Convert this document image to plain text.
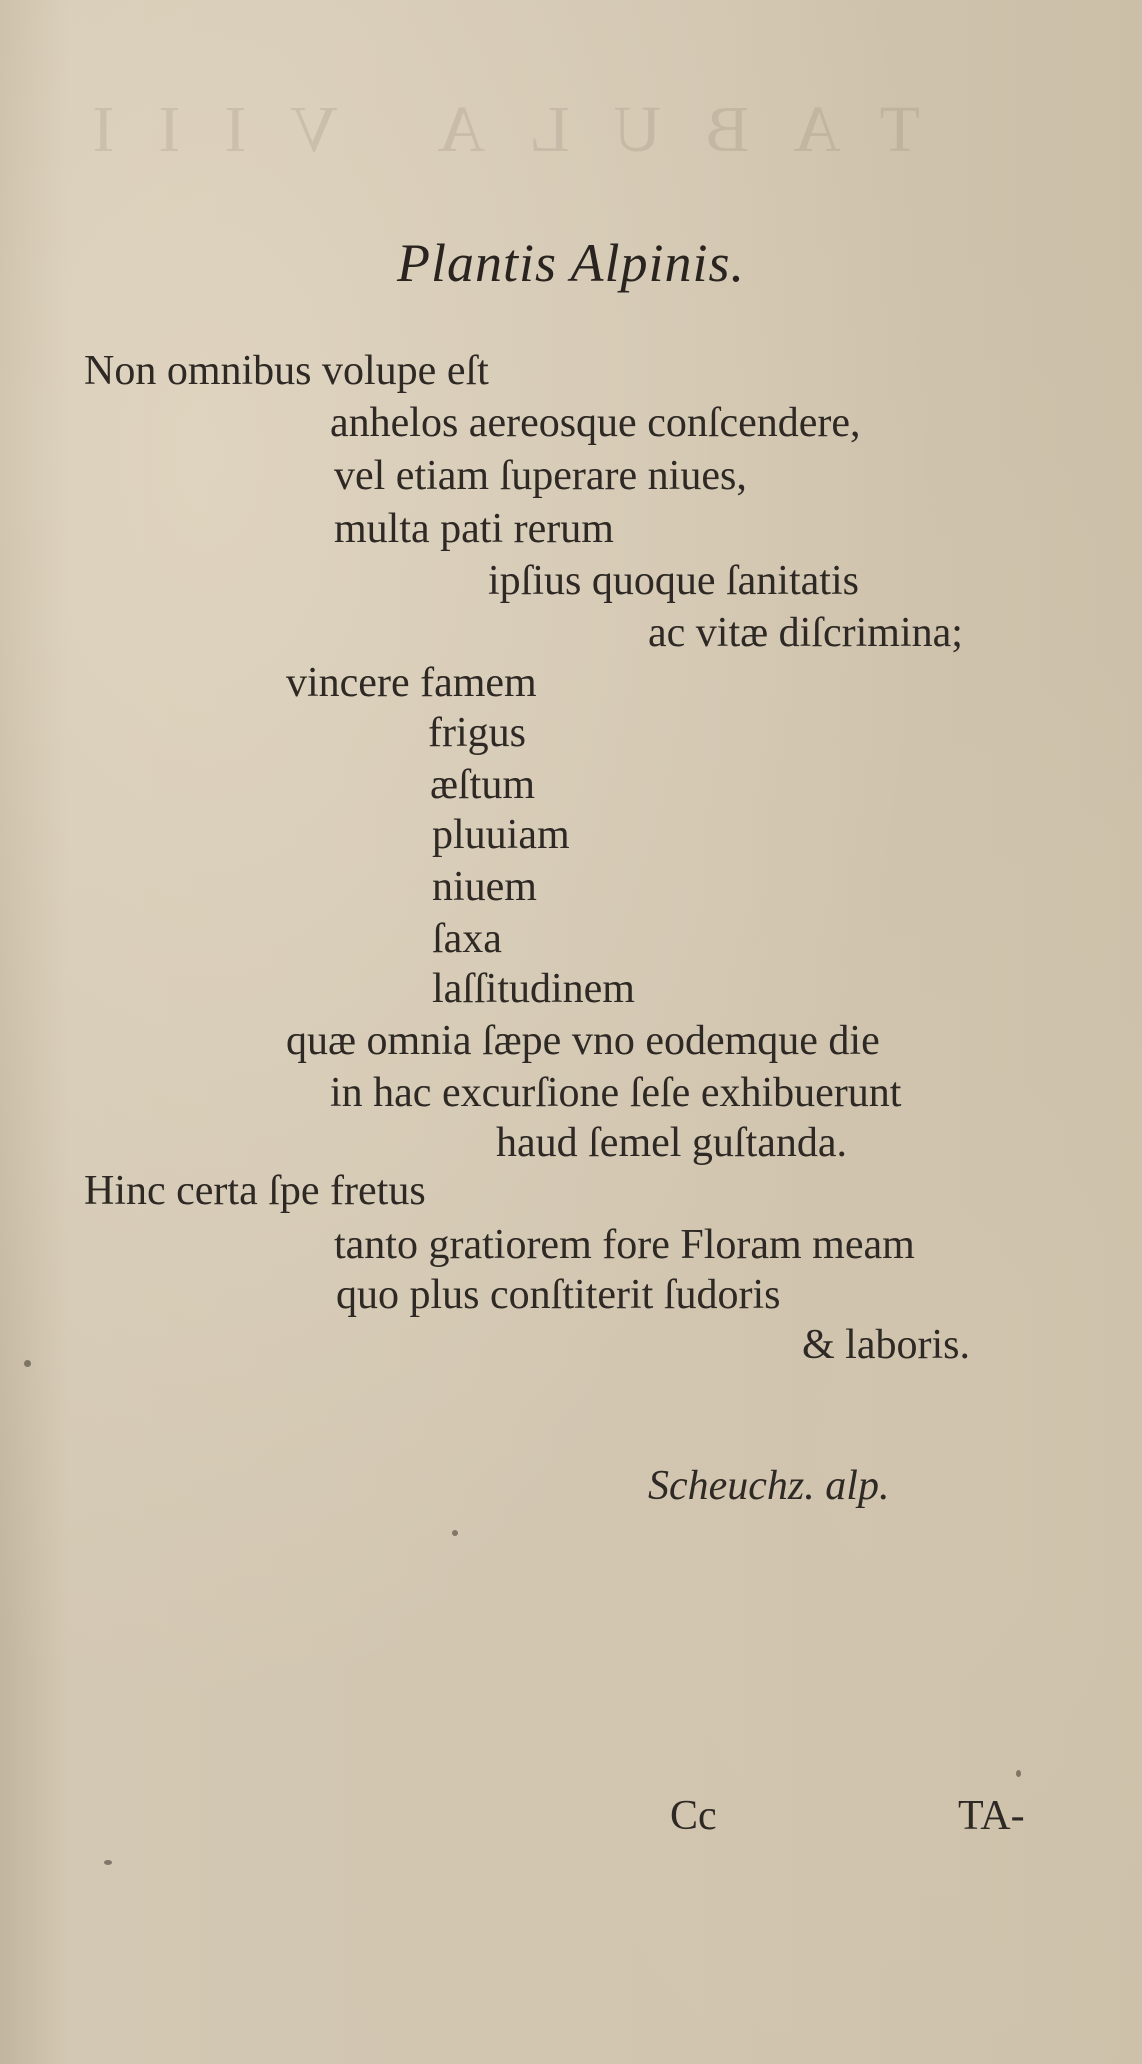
TABULA VIII
Plantis Alpinis.
Non omnibus volupe eſt
anhelos aereosque conſcendere,
vel etiam ſuperare niues,
multa pati rerum
ipſius quoque ſanitatis
ac vitæ diſcrimina;
vincere famem
frigus
æſtum
pluuiam
niuem
ſaxa
laſſitudinem
quæ omnia ſæpe vno eodemque die
in hac excurſione ſeſe exhibuerunt
haud ſemel guſtanda.
Hinc certa ſpe fretus
tanto gratiorem fore Floram meam
quo plus conſtiterit ſudoris
& laboris.
Scheuchz. alp.
Cc	TA-
